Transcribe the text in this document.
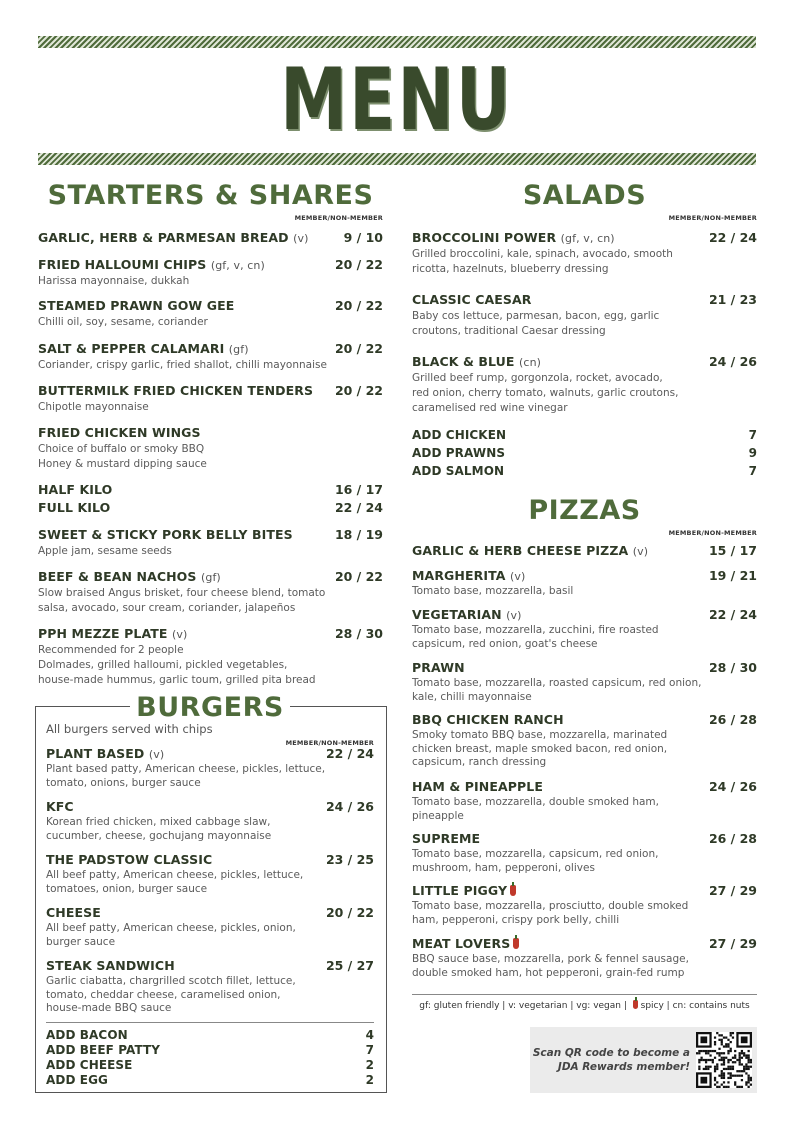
MENU
STARTERS & SHARES
MEMBER/NON-MEMBER
GARLIC, HERB & PARMESAN BREAD (v)	9 / 10
FRIED HALLOUMI CHIPS (gf, v, cn)	20 / 22
Harissa mayonnaise, dukkah
STEAMED PRAWN GOW GEE	20 / 22
Chilli oil, soy, sesame, coriander
SALT & PEPPER CALAMARI (gf)	20 / 22
Coriander, crispy garlic, fried shallot, chilli mayonnaise
BUTTERMILK FRIED CHICKEN TENDERS 20 / 22
Chipotle mayonnaise
FRIED CHICKEN WINGS
Choice of buffalo or smoky BBQ
Honey & mustard dipping sauce
HALF KILO	16 / 17
FULL KILO	22 / 24
SWEET & STICKY PORK BELLY BITES	18 / 19
Apple jam, sesame seeds
BEEF & BEAN NACHOS (gf)	20 / 22
Slow braised Angus brisket, four cheese blend, tomato
salsa, avocado, sour cream, coriander, jalapeños
PPH MEZZE PLATE (v)	28 / 30
Recommended for 2 people
Dolmades, grilled halloumi, pickled vegetables,
house-made hummus, garlic toum, grilled pita bread
BURGERS
All burgers served with chips
MEMBER/NON-MEMBER
PLANT BASED (v)	22 / 24
Plant based patty, American cheese, pickles, lettuce,
tomato, onions, burger sauce
KFC	24 / 26
Korean fried chicken, mixed cabbage slaw,
cucumber, cheese, gochujang mayonnaise
THE PADSTOW CLASSIC	23 / 25
All beef patty, American cheese, pickles, lettuce,
tomatoes, onion, burger sauce
CHEESE	20 / 22
All beef patty, American cheese, pickles, onion,
burger sauce
STEAK SANDWICH	25 / 27
Garlic ciabatta, chargrilled scotch fillet, lettuce,
tomato, cheddar cheese, caramelised onion,
house-made BBQ sauce
ADD BACON	4
ADD BEEF PATTY	7
ADD CHEESE	2
ADD EGG	2
SALADS
MEMBER/NON-MEMBER
BROCCOLINI POWER (gf, v, cn)	22 / 24
Grilled broccolini, kale, spinach, avocado, smooth
ricotta, hazelnuts, blueberry dressing
CLASSIC CAESAR	21 / 23
Baby cos lettuce, parmesan, bacon, egg, garlic
croutons, traditional Caesar dressing
BLACK & BLUE (cn)	24 / 26
Grilled beef rump, gorgonzola, rocket, avocado,
red onion, cherry tomato, walnuts, garlic croutons,
caramelised red wine vinegar
ADD CHICKEN	7
ADD PRAWNS	9
ADD SALMON	7
PIZZAS
MEMBER/NON-MEMBER
GARLIC & HERB CHEESE PIZZA (v)	15 / 17
MARGHERITA (v)	19 / 21
Tomato base, mozzarella, basil
VEGETARIAN (v)	22 / 24
Tomato base, mozzarella, zucchini, fire roasted
capsicum, red onion, goat's cheese
PRAWN	28 / 30
Tomato base, mozzarella, roasted capsicum, red onion,
kale, chilli mayonnaise
BBQ CHICKEN RANCH	26 / 28
Smoky tomato BBQ base, mozzarella, marinated
chicken breast, maple smoked bacon, red onion,
capsicum, ranch dressing
HAM & PINEAPPLE	24 / 26
Tomato base, mozzarella, double smoked ham,
pineapple
SUPREME	26 / 28
Tomato base, mozzarella, capsicum, red onion,
mushroom, ham, pepperoni, olives
LITTLE PIGGY	27 / 29
Tomato base, mozzarella, prosciutto, double smoked
ham, pepperoni, crispy pork belly, chilli
MEAT LOVERS	27 / 29
BBQ sauce base, mozzarella, pork & fennel sausage,
double smoked ham, hot pepperoni, grain-fed rump
gf: gluten friendly | v: vegetarian | vg: vegan | spicy | cn: contains nuts
Scan QR code to become a
JDA Rewards member!
